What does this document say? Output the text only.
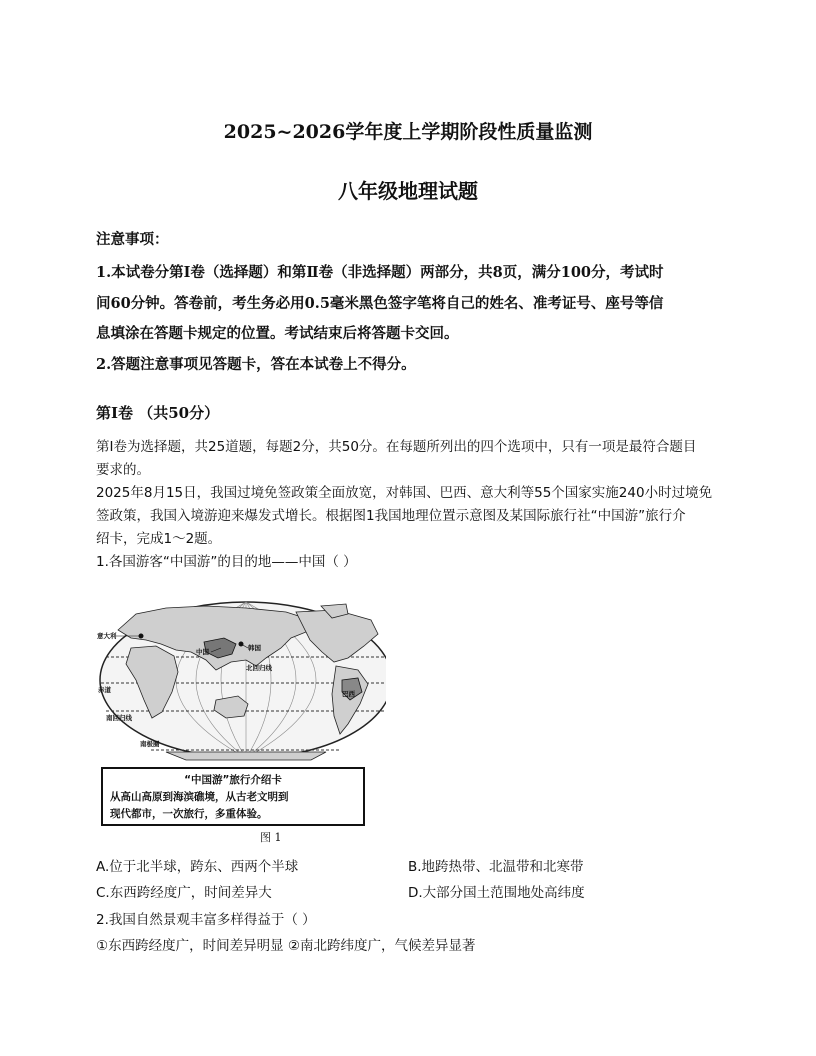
2025~2026学年度上学期阶段性质量监测
八年级地理试题
注意事项：
1.本试卷分第Ⅰ卷（选择题）和第Ⅱ卷（非选择题）两部分，共8页，满分100分，考试时
间60分钟。答卷前，考生务必用0.5毫米黑色签字笔将自己的姓名、准考证号、座号等信
息填涂在答题卡规定的位置。考试结束后将答题卡交回。
2.答题注意事项见答题卡，答在本试卷上不得分。
第Ⅰ卷 （共50分）
第Ⅰ卷为选择题，共25道题，每题2分，共50分。在每题所列出的四个选项中，只有一项是最符合题目
要求的。
2025年8月15日，我国过境免签政策全面放宽，对韩国、巴西、意大利等55个国家实施240小时过境免
签政策，我国入境游迎来爆发式增长。根据图1我国地理位置示意图及某国际旅行社“中国游”旅行介
绍卡，完成1～2题。
1.各国游客“中国游”的目的地——中国（ ）
意大利
中国	韩国
北回归线
赤道
南回归线
南极圈
巴西
“中国游”旅行介绍卡
从高山高原到海滨礁境，从古老文明到
现代都市，一次旅行，多重体验。
图 1
A.位于北半球，跨东、西两个半球	B.地跨热带、北温带和北寒带
C.东西跨经度广，时间差异大	D.大部分国土范围地处高纬度
2.我国自然景观丰富多样得益于（ ）
①东西跨经度广，时间差异明显 ②南北跨纬度广，气候差异显著
